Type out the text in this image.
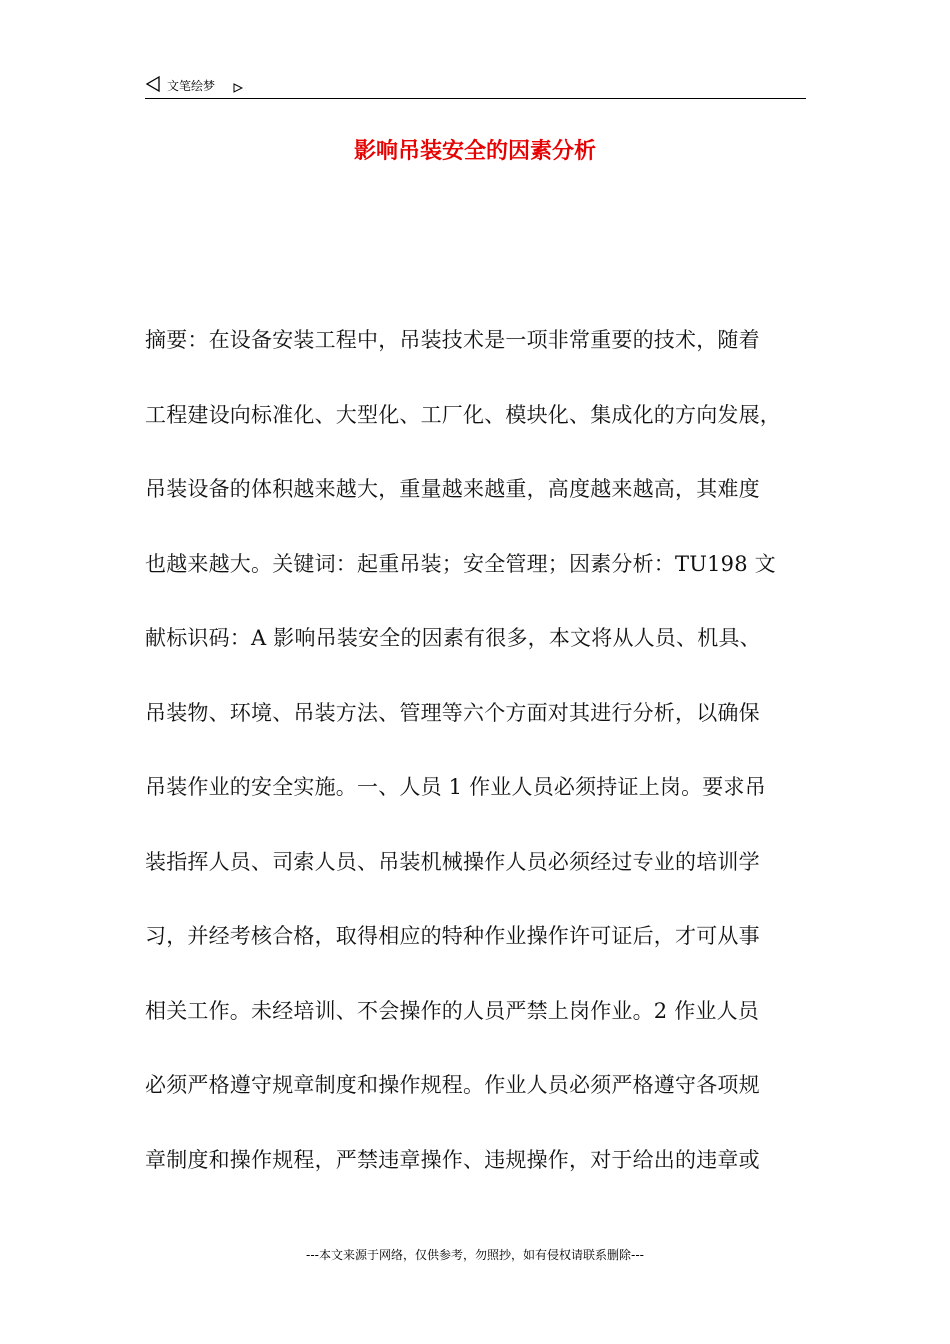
文笔绘梦
影响吊装安全的因素分析
摘要：在设备安装工程中，吊装技术是一项非常重要的技术，随着
工程建设向标准化、大型化、工厂化、模块化、集成化的方向发展，
吊装设备的体积越来越大，重量越来越重，高度越来越高，其难度
也越来越大。关键词：起重吊装；安全管理；因素分析：TU198 文
献标识码：A 影响吊装安全的因素有很多，本文将从人员、机具、
吊装物、环境、吊装方法、管理等六个方面对其进行分析，以确保
吊装作业的安全实施。一、人员 1 作业人员必须持证上岗。要求吊
装指挥人员、司索人员、吊装机械操作人员必须经过专业的培训学
习，并经考核合格，取得相应的特种作业操作许可证后，才可从事
相关工作。未经培训、不会操作的人员严禁上岗作业。2 作业人员
必须严格遵守规章制度和操作规程。作业人员必须严格遵守各项规
章制度和操作规程，严禁违章操作、违规操作，对于给出的违章或
---本文来源于网络，仅供参考，勿照抄，如有侵权请联系删除---
